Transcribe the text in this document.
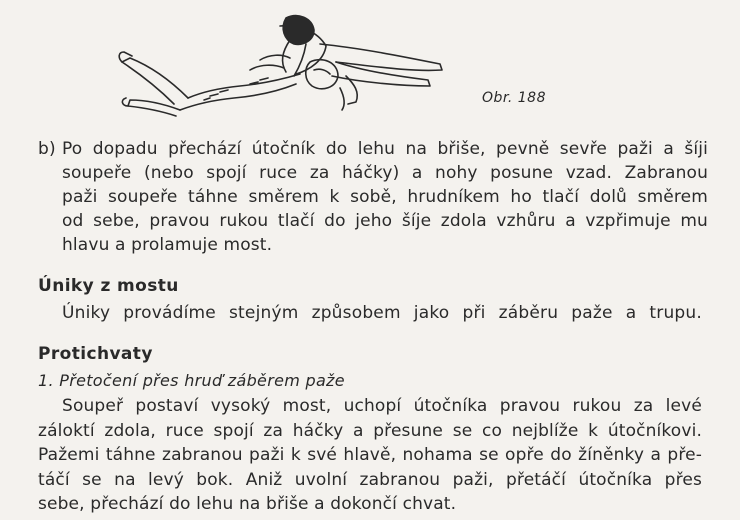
Obr. 188
b) Po dopadu přechází útočník do lehu na břiše, pevně sevře paži a šíji
soupeře (nebo spojí ruce za háčky) a nohy posune vzad. Zabranou
paži soupeře táhne směrem k sobě, hrudníkem ho tlačí dolů směrem
od sebe, pravou rukou tlačí do jeho šíje zdola vzhůru a vzpřimuje mu
hlavu a prolamuje most.
Úniky z mostu
Úniky provádíme stejným způsobem jako při záběru paže a trupu.
Protichvaty
1. Přetočení přes hruď záběrem paže
Soupeř postaví vysoký most, uchopí útočníka pravou rukou za levé
záloktí zdola, ruce spojí za háčky a přesune se co nejblíže k útočníkovi.
Pažemi táhne zabranou paži k své hlavě, nohama se opře do žíněnky a pře-
táčí se na levý bok. Aniž uvolní zabranou paži, přetáčí útočníka přes
sebe, přechází do lehu na břiše a dokončí chvat.
